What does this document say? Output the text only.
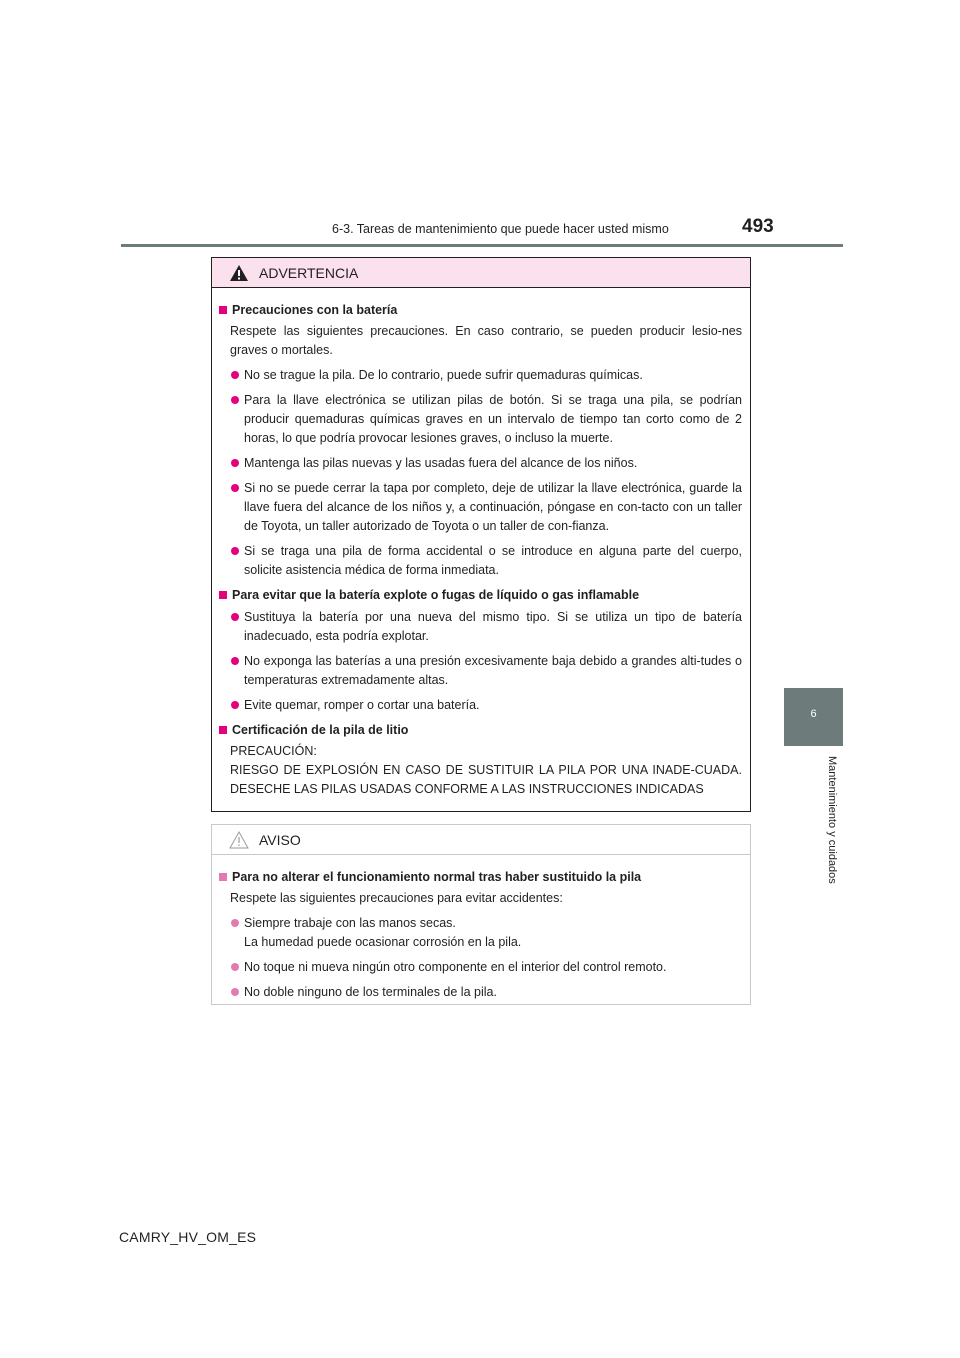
6-3. Tareas de mantenimiento que puede hacer usted mismo	493
6
Mantenimiento y cuidados
ADVERTENCIA
Precauciones con la batería
Respete las siguientes precauciones. En caso contrario, se pueden producir lesio-nes graves o mortales.
No se trague la pila. De lo contrario, puede sufrir quemaduras químicas.
Para la llave electrónica se utilizan pilas de botón. Si se traga una pila, se podrían producir quemaduras químicas graves en un intervalo de tiempo tan corto como de 2 horas, lo que podría provocar lesiones graves, o incluso la muerte.
Mantenga las pilas nuevas y las usadas fuera del alcance de los niños.
Si no se puede cerrar la tapa por completo, deje de utilizar la llave electrónica, guarde la llave fuera del alcance de los niños y, a continuación, póngase en con-tacto con un taller de Toyota, un taller autorizado de Toyota o un taller de con-fianza.
Si se traga una pila de forma accidental o se introduce en alguna parte del cuerpo, solicite asistencia médica de forma inmediata.
Para evitar que la batería explote o fugas de líquido o gas inflamable
Sustituya la batería por una nueva del mismo tipo. Si se utiliza un tipo de batería inadecuado, esta podría explotar.
No exponga las baterías a una presión excesivamente baja debido a grandes alti-tudes o temperaturas extremadamente altas.
Evite quemar, romper o cortar una batería.
Certificación de la pila de litio
PRECAUCIÓN:
RIESGO DE EXPLOSIÓN EN CASO DE SUSTITUIR LA PILA POR UNA INADE-CUADA. DESECHE LAS PILAS USADAS CONFORME A LAS INSTRUCCIONES INDICADAS
AVISO
Para no alterar el funcionamiento normal tras haber sustituido la pila
Respete las siguientes precauciones para evitar accidentes:
Siempre trabaje con las manos secas.
La humedad puede ocasionar corrosión en la pila.
No toque ni mueva ningún otro componente en el interior del control remoto.
No doble ninguno de los terminales de la pila.
CAMRY_HV_OM_ES
